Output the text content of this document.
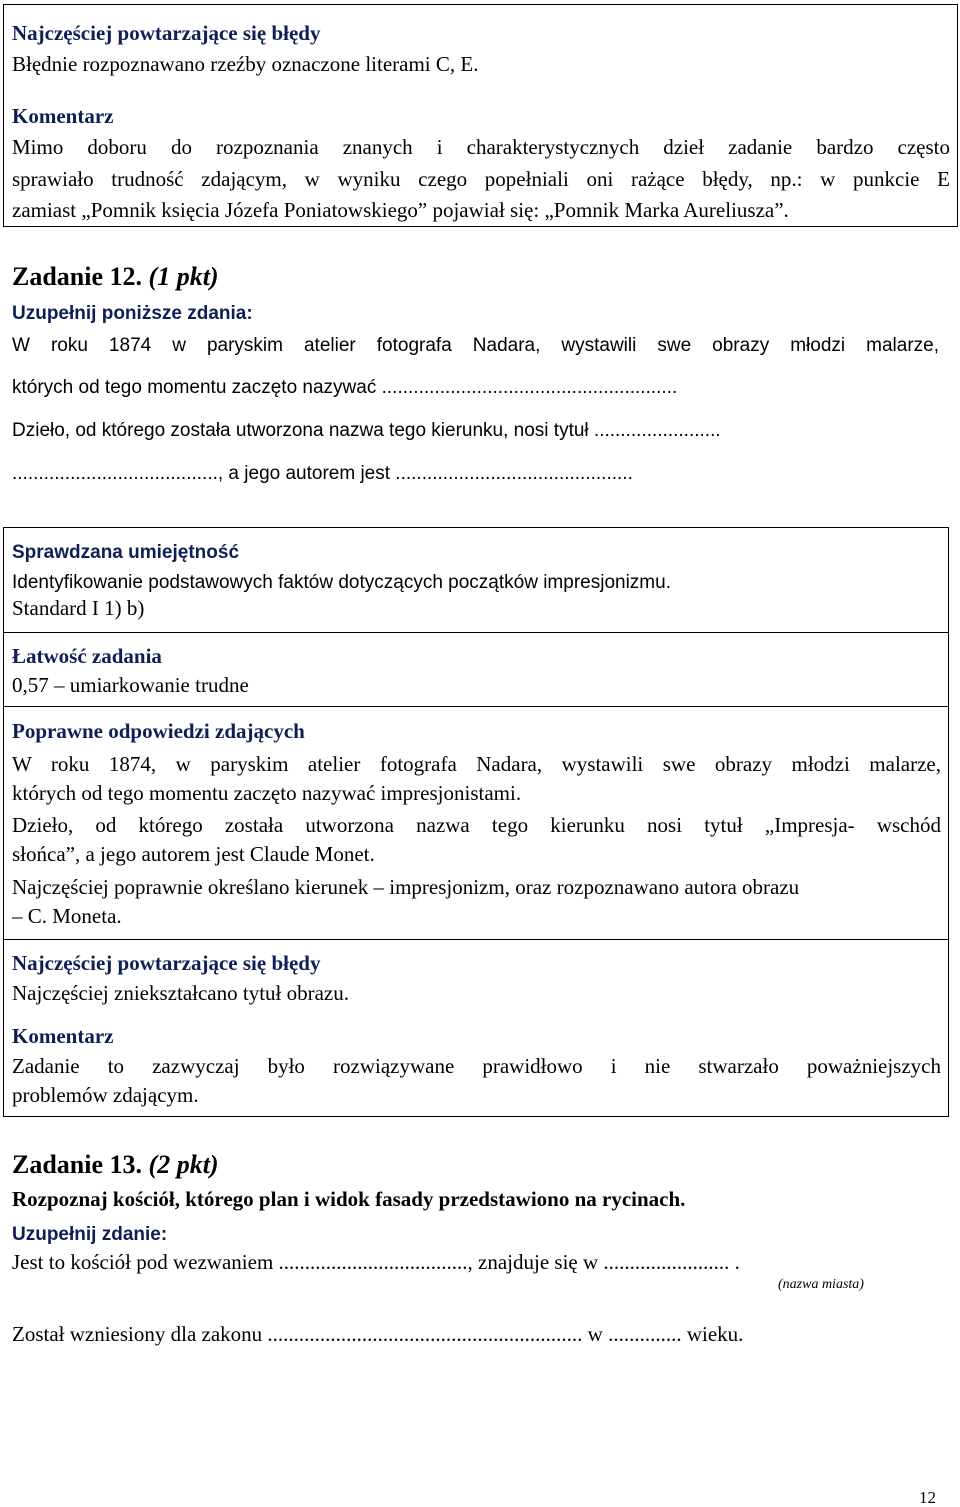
Najczęściej powtarzające się błędy
Błędnie rozpoznawano rzeźby oznaczone literami C, E.
Komentarz
Mimo doboru do rozpoznania znanych i charakterystycznych dzieł zadanie bardzo często
sprawiało trudność zdającym, w wyniku czego popełniali oni rażące błędy, np.: w punkcie E
zamiast „Pomnik księcia Józefa Poniatowskiego” pojawiał się: „Pomnik Marka Aureliusza”.
Zadanie 12. (1 pkt)
Uzupełnij poniższe zdania:
W roku 1874 w paryskim atelier fotografa Nadara, wystawili swe obrazy młodzi malarze,
których od tego momentu zaczęto nazywać ........................................................
Dzieło, od którego została utworzona nazwa tego kierunku, nosi tytuł ........................
......................................., a jego autorem jest .............................................
Sprawdzana umiejętność
Identyfikowanie podstawowych faktów dotyczących początków impresjonizmu.
Standard I 1) b)
Łatwość zadania
0,57 – umiarkowanie trudne
Poprawne odpowiedzi zdających
W roku 1874, w paryskim atelier fotografa Nadara, wystawili swe obrazy młodzi malarze,
których od tego momentu zaczęto nazywać impresjonistami.
Dzieło, od którego została utworzona nazwa tego kierunku nosi tytuł „Impresja- wschód
słońca”, a jego autorem jest Claude Monet.
Najczęściej poprawnie określano kierunek – impresjonizm, oraz rozpoznawano autora obrazu
– C. Moneta.
Najczęściej powtarzające się błędy
Najczęściej zniekształcano tytuł obrazu.
Komentarz
Zadanie to zazwyczaj było rozwiązywane prawidłowo i nie stwarzało poważniejszych
problemów zdającym.
Zadanie 13. (2 pkt)
Rozpoznaj kościół, którego plan i widok fasady przedstawiono na rycinach.
Uzupełnij zdanie:
Jest to kościół pod wezwaniem ...................................., znajduje się w ........................ .
(nazwa miasta)
Został wzniesiony dla zakonu ............................................................ w .............. wieku.
12
